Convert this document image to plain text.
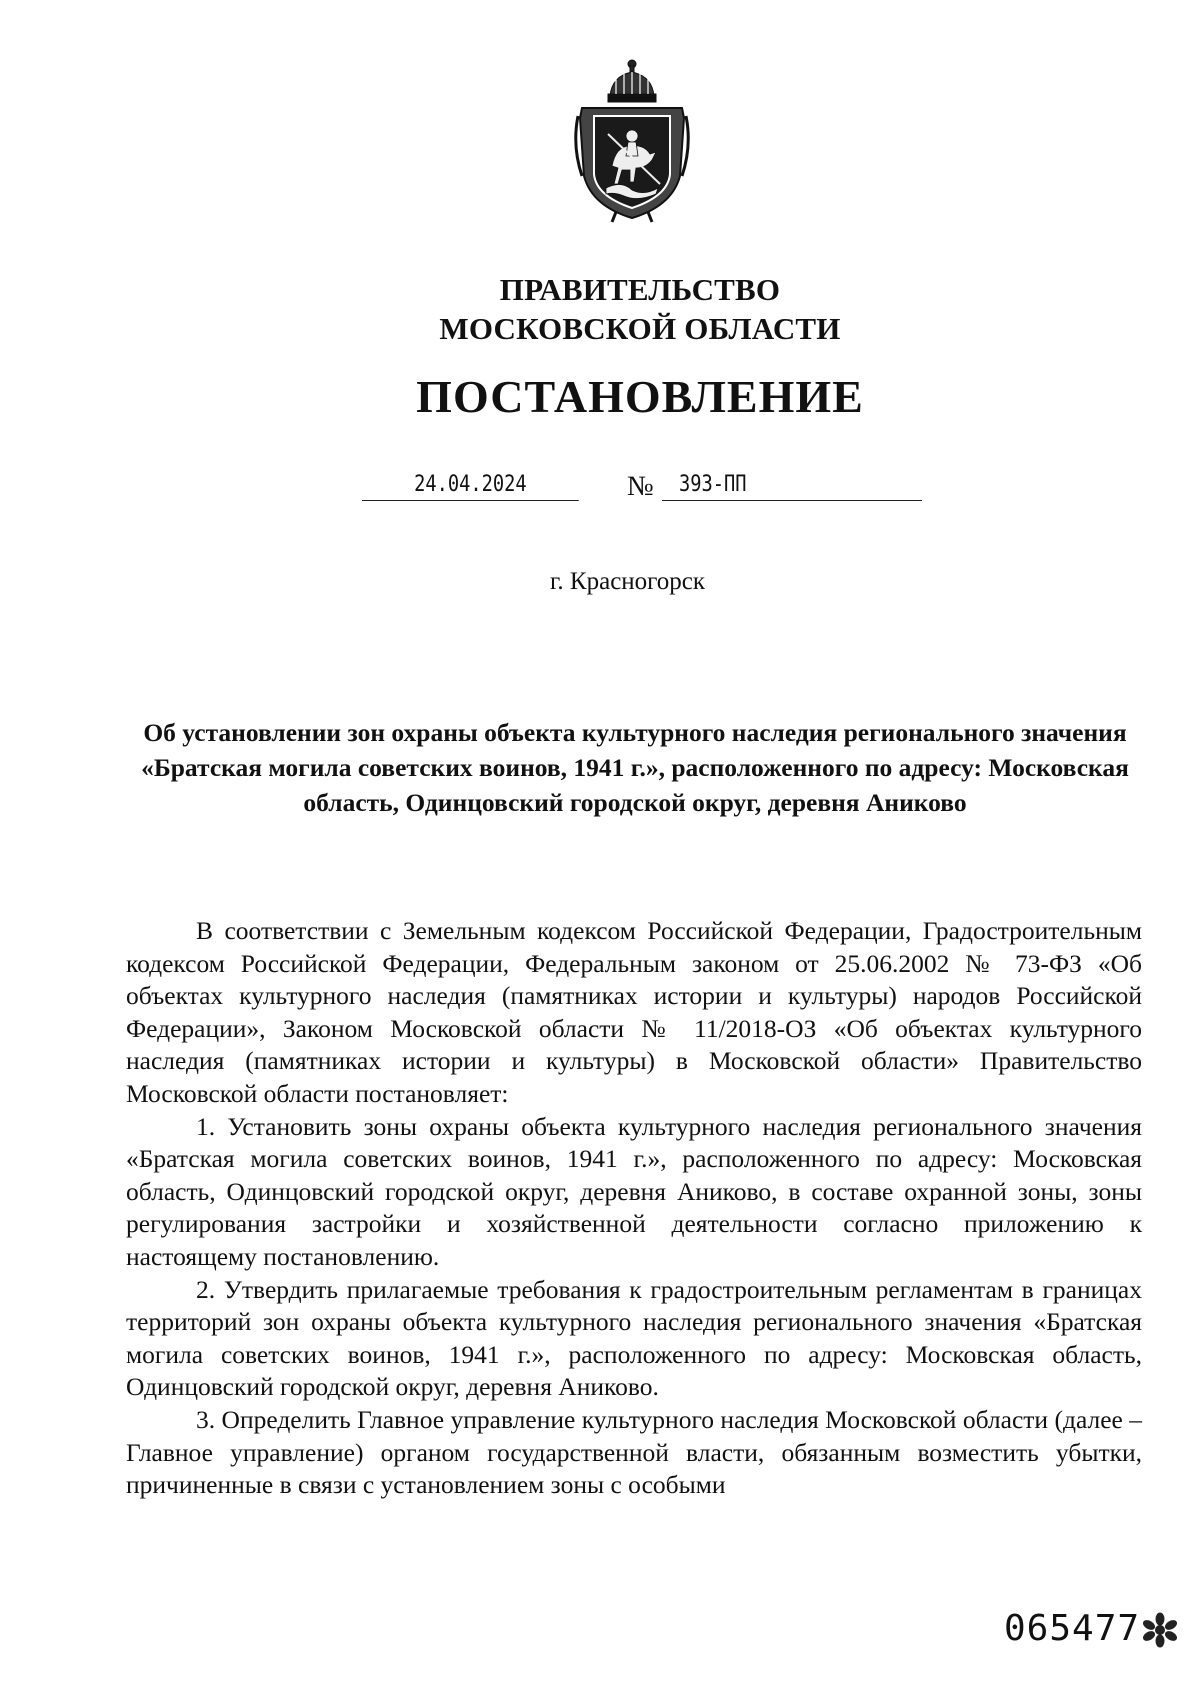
ПРАВИТЕЛЬСТВО
МОСКОВСКОЙ ОБЛАСТИ
ПОСТАНОВЛЕНИЕ
24.04.2024	№	393-ПП
г. Красногорск
Об установлении зон охраны объекта культурного наследия регионального значения «Братская могила советских воинов, 1941 г.», расположенного по адресу: Московская область, Одинцовский городской округ, деревня Аниково

В соответствии с Земельным кодексом Российской Федерации, Градостроительным кодексом Российской Федерации, Федеральным законом от 25.06.2002 № 73-ФЗ «Об объектах культурного наследия (памятниках истории и культуры) народов Российской Федерации», Законом Московской области № 11/2018-ОЗ «Об объектах культурного наследия (памятниках истории и культуры) в Московской области» Правительство Московской области постановляет:

1. Установить зоны охраны объекта культурного наследия регионального значения «Братская могила советских воинов, 1941 г.», расположенного по адресу: Московская область, Одинцовский городской округ, деревня Аниково, в составе охранной зоны, зоны регулирования застройки и хозяйственной деятельности согласно приложению к настоящему постановлению.

2. Утвердить прилагаемые требования к градостроительным регламентам в границах территорий зон охраны объекта культурного наследия регионального значения «Братская могила советских воинов, 1941 г.», расположенного по адресу: Московская область, Одинцовский городской округ, деревня Аниково.

3. Определить Главное управление культурного наследия Московской области (далее – Главное управление) органом государственной власти, обязанным возместить убытки, причиненные в связи с установлением зоны с особыми

065477
